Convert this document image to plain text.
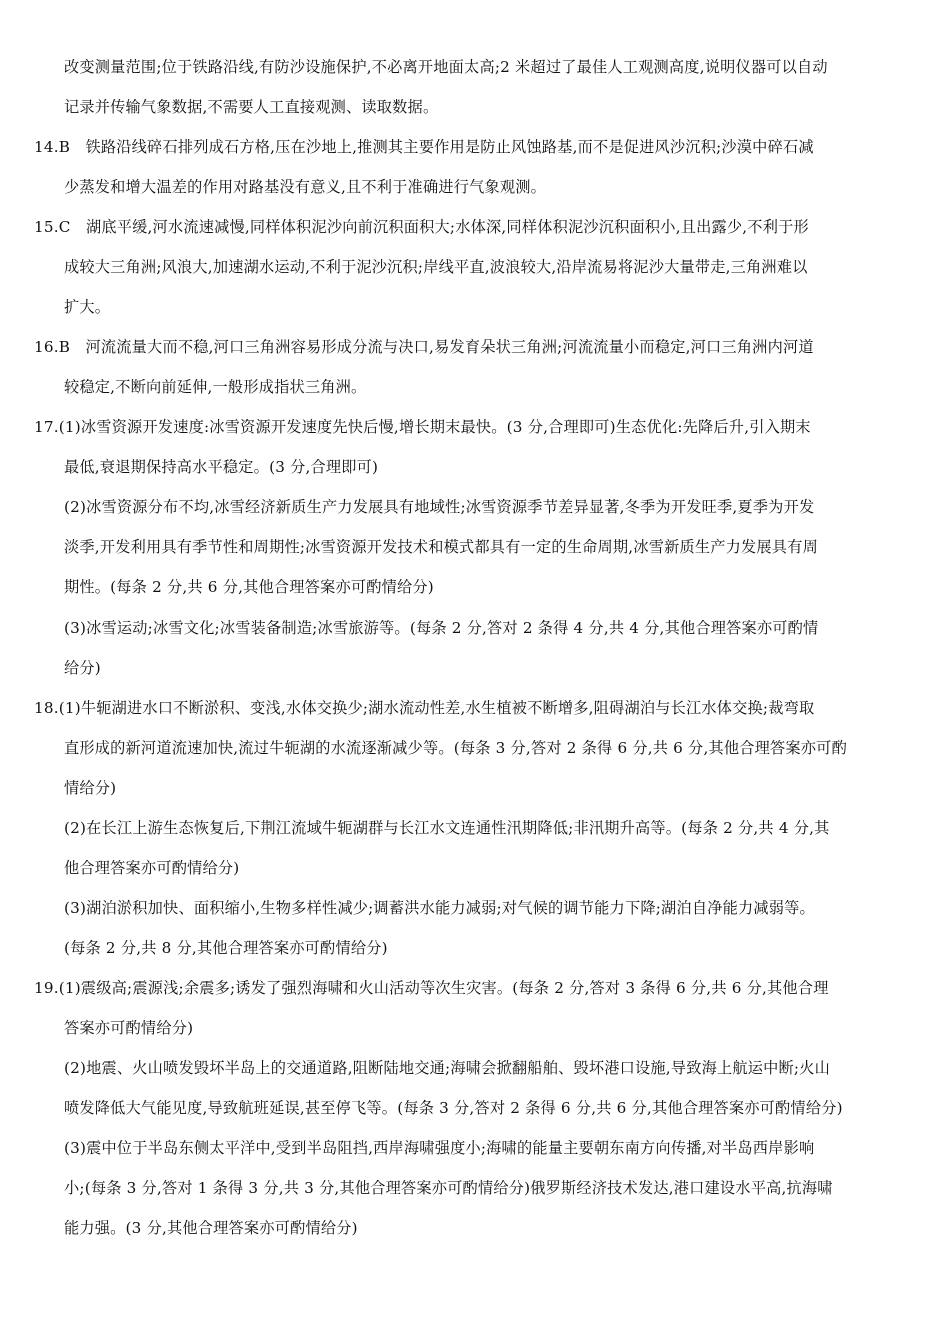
改变测量范围;位于铁路沿线,有防沙设施保护,不必离开地面太高;2 米超过了最佳人工观测高度,说明仪器可以自动
记录并传输气象数据,不需要人工直接观测、读取数据。
14.B　铁路沿线碎石排列成石方格,压在沙地上,推测其主要作用是防止风蚀路基,而不是促进风沙沉积;沙漠中碎石减
少蒸发和增大温差的作用对路基没有意义,且不利于准确进行气象观测。
15.C　湖底平缓,河水流速减慢,同样体积泥沙向前沉积面积大;水体深,同样体积泥沙沉积面积小,且出露少,不利于形
成较大三角洲;风浪大,加速湖水运动,不利于泥沙沉积;岸线平直,波浪较大,沿岸流易将泥沙大量带走,三角洲难以
扩大。
16.B　河流流量大而不稳,河口三角洲容易形成分流与决口,易发育朵状三角洲;河流流量小而稳定,河口三角洲内河道
较稳定,不断向前延伸,一般形成指状三角洲。
17.(1)冰雪资源开发速度:冰雪资源开发速度先快后慢,增长期末最快。(3 分,合理即可)生态优化:先降后升,引入期末
最低,衰退期保持高水平稳定。(3 分,合理即可)
(2)冰雪资源分布不均,冰雪经济新质生产力发展具有地域性;冰雪资源季节差异显著,冬季为开发旺季,夏季为开发
淡季,开发利用具有季节性和周期性;冰雪资源开发技术和模式都具有一定的生命周期,冰雪新质生产力发展具有周
期性。(每条 2 分,共 6 分,其他合理答案亦可酌情给分)
(3)冰雪运动;冰雪文化;冰雪装备制造;冰雪旅游等。(每条 2 分,答对 2 条得 4 分,共 4 分,其他合理答案亦可酌情
给分)
18.(1)牛轭湖进水口不断淤积、变浅,水体交换少;湖水流动性差,水生植被不断增多,阻碍湖泊与长江水体交换;裁弯取
直形成的新河道流速加快,流过牛轭湖的水流逐渐减少等。(每条 3 分,答对 2 条得 6 分,共 6 分,其他合理答案亦可酌
情给分)
(2)在长江上游生态恢复后,下荆江流域牛轭湖群与长江水文连通性汛期降低;非汛期升高等。(每条 2 分,共 4 分,其
他合理答案亦可酌情给分)
(3)湖泊淤积加快、面积缩小,生物多样性减少;调蓄洪水能力减弱;对气候的调节能力下降;湖泊自净能力减弱等。
(每条 2 分,共 8 分,其他合理答案亦可酌情给分)
19.(1)震级高;震源浅;余震多;诱发了强烈海啸和火山活动等次生灾害。(每条 2 分,答对 3 条得 6 分,共 6 分,其他合理
答案亦可酌情给分)
(2)地震、火山喷发毁坏半岛上的交通道路,阻断陆地交通;海啸会掀翻船舶、毁坏港口设施,导致海上航运中断;火山
喷发降低大气能见度,导致航班延误,甚至停飞等。(每条 3 分,答对 2 条得 6 分,共 6 分,其他合理答案亦可酌情给分)
(3)震中位于半岛东侧太平洋中,受到半岛阻挡,西岸海啸强度小;海啸的能量主要朝东南方向传播,对半岛西岸影响
小;(每条 3 分,答对 1 条得 3 分,共 3 分,其他合理答案亦可酌情给分)俄罗斯经济技术发达,港口建设水平高,抗海啸
能力强。(3 分,其他合理答案亦可酌情给分)
